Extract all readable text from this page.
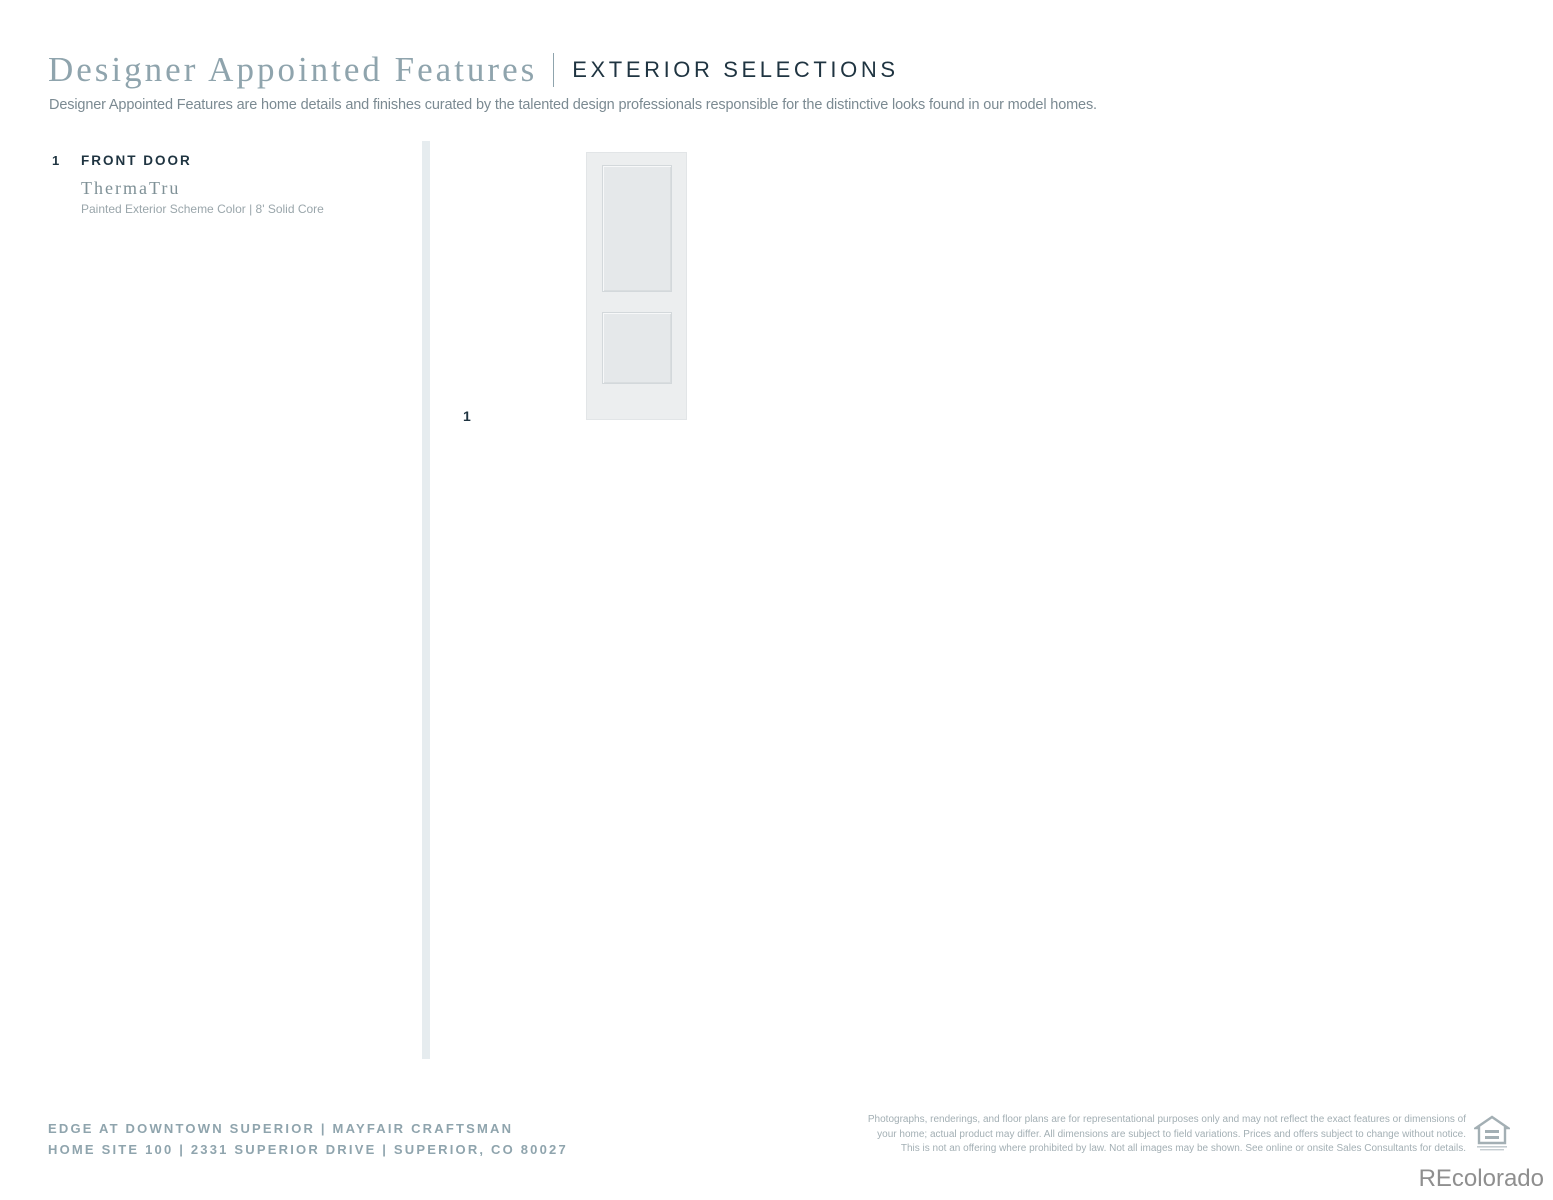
Designer Appointed Features EXTERIOR SELECTIONS
Designer Appointed Features are home details and finishes curated by the talented design professionals responsible for the distinctive looks found in our model homes.
1 FRONT DOOR
ThermaTru
Painted Exterior Scheme Color | 8' Solid Core
1
EDGE AT DOWNTOWN SUPERIOR | MAYFAIR CRAFTSMAN
HOME SITE 100 | 2331 SUPERIOR DRIVE | SUPERIOR, CO 80027
Photographs, renderings, and floor plans are for representational purposes only and may not reflect the exact features or dimensions of
your home; actual product may differ. All dimensions are subject to field variations. Prices and offers subject to change without notice.
This is not an offering where prohibited by law. Not all images may be shown. See online or onsite Sales Consultants for details.
REcolorado
